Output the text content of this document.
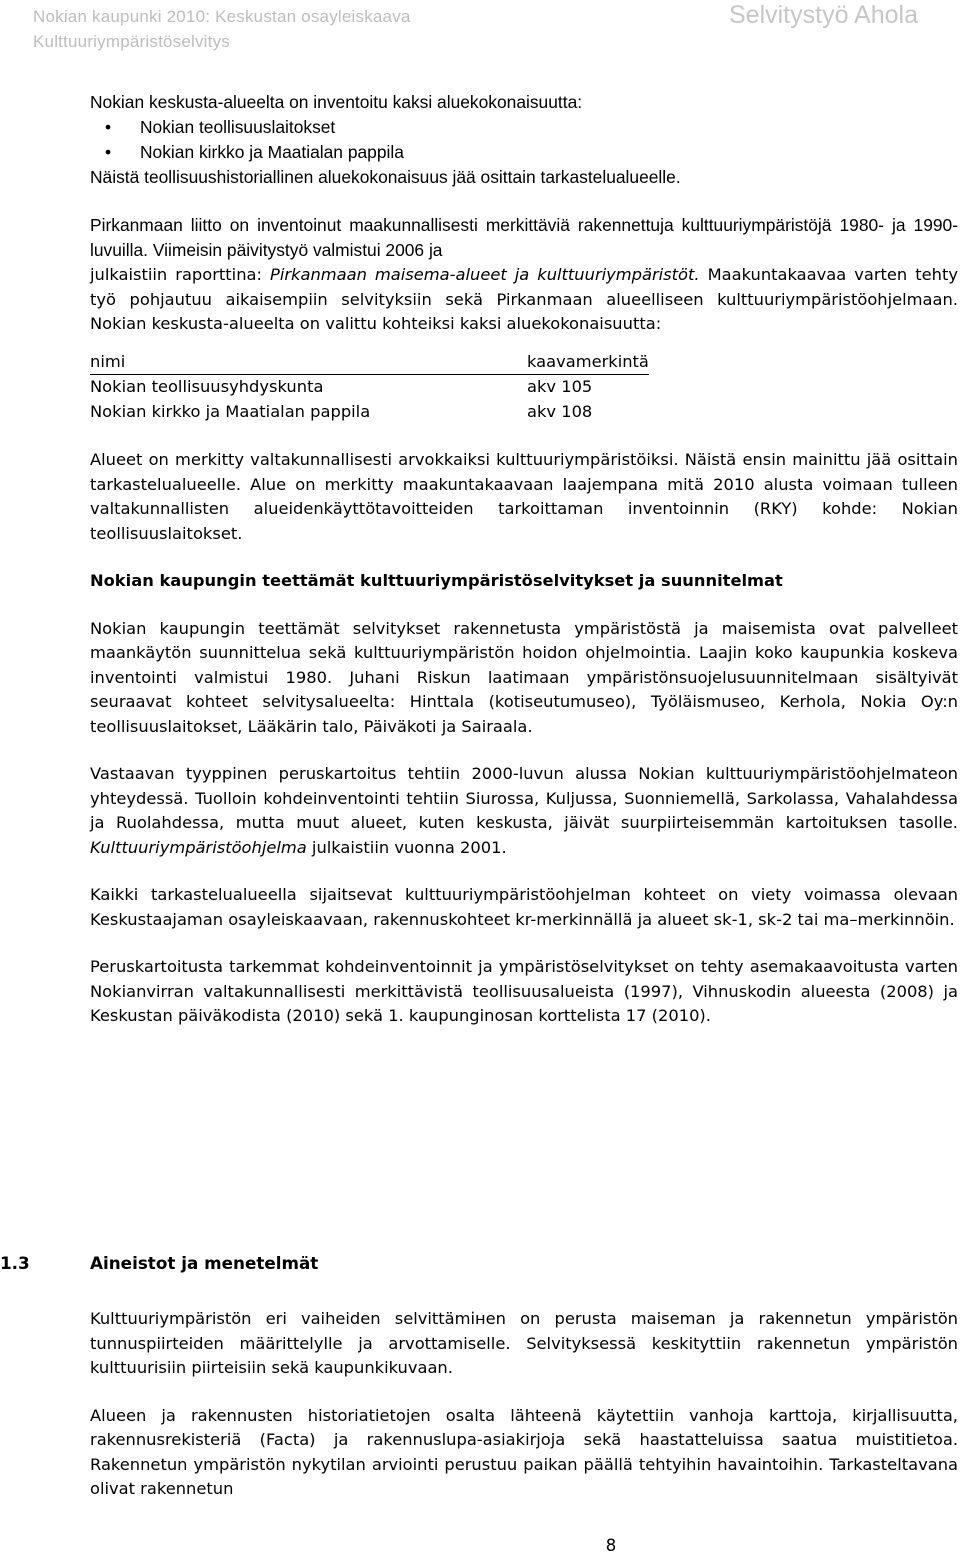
Nokian kaupunki 2010: Keskustan osayleiskaava
Kulttuuriympäristöselvitys
Selvitystyö Ahola

Nokian keskusta-alueelta on inventoitu kaksi aluekokonaisuutta:

• Nokian teollisuuslaitokset
• Nokian kirkko ja Maatialan pappila

Näistä teollisuushistoriallinen aluekokonaisuus jää osittain tarkastelualueelle.

Pirkanmaan liitto on inventoinut maakunnallisesti merkittäviä rakennettuja kulttuuriympäristöjä 1980- ja 1990-luvuilla. Viimeisin päivitystyö valmistui 2006 ja

julkaistiin raporttina: Pirkanmaan maisema-alueet ja kulttuuriympäristöt. Maakuntakaavaa varten tehty työ pohjautuu aikaisempiin selvityksiin sekä Pirkanmaan alueelliseen kulttuuriympäristöohjelmaan. Nokian keskusta-alueelta on valittu kohteiksi kaksi aluekokonaisuutta:

nimi	kaavamerkintä
Nokian teollisuusyhdyskunta	akv 105
Nokian kirkko ja Maatialan pappila	akv 108

Alueet on merkitty valtakunnallisesti arvokkaiksi kulttuuriympäristöiksi. Näistä ensin mainittu jää osittain tarkastelualueelle. Alue on merkitty maakuntakaavaan laajempana mitä 2010 alusta voimaan tulleen valtakunnallisten alueidenkäyttötavoitteiden tarkoittaman inventoinnin (RKY) kohde: Nokian teollisuuslaitokset.

Nokian kaupungin teettämät kulttuuriympäristöselvitykset ja suunnitelmat

Nokian kaupungin teettämät selvitykset rakennetusta ympäristöstä ja maisemista ovat palvelleet maankäytön suunnittelua sekä kulttuuriympäristön hoidon ohjelmointia. Laajin koko kaupunkia koskeva inventointi valmistui 1980. Juhani Riskun laatimaan ympäristönsuojelusuunnitelmaan sisältyivät seuraavat kohteet selvitysalueelta: Hinttala (kotiseutumuseo), Työläismuseo, Kerhola, Nokia Oy:n teollisuuslaitokset, Lääkärin talo, Päiväkoti ja Sairaala.

Vastaavan tyyppinen peruskartoitus tehtiin 2000-luvun alussa Nokian kulttuuriympäristöohjelmateon yhteydessä. Tuolloin kohdeinventointi tehtiin Siurossa, Kuljussa, Suonniemellä, Sarkolassa, Vahalahdessa ja Ruolahdessa, mutta muut alueet, kuten keskusta, jäivät suurpiirteisemmän kartoituksen tasolle. Kulttuuriympäristöohjelma julkaistiin vuonna 2001.

Kaikki tarkastelualueella sijaitsevat kulttuuriympäristöohjelman kohteet on viety voimassa olevaan Keskustaajaman osayleiskaavaan, rakennuskohteet kr-merkinnällä ja alueet sk-1, sk-2 tai ma–merkinnöin.

Peruskartoitusta tarkemmat kohdeinventoinnit ja ympäristöselvitykset on tehty asemakaavoitusta varten Nokianvirran valtakunnallisesti merkittävistä teollisuusalueista (1997), Vihnuskodin alueesta (2008) ja Keskustan päiväkodista (2010) sekä 1. kaupunginosan korttelista 17 (2010).

1.3	Aineistot ja menetelmät

Kulttuuriympäristön eri vaiheiden selvittämінen on perusta maiseman ja rakennetun ympäristön tunnuspiirteiden määrittelylle ja arvottamiselle. Selvityksessä keskityttiin rakennetun ympäristön kulttuurisiin piirteisiin sekä kaupunkikuvaan.

Alueen ja rakennusten historiatietojen osalta lähteenä käytettiin vanhoja karttoja, kirjallisuutta, rakennusrekisteriä (Facta) ja rakennuslupa-asiakirjoja sekä haastatteluissa saatua muistitietoa. Rakennetun ympäristön nykytilan arviointi perustuu paikan päällä tehtyihin havaintoihin. Tarkasteltavana olivat rakennetun

8
